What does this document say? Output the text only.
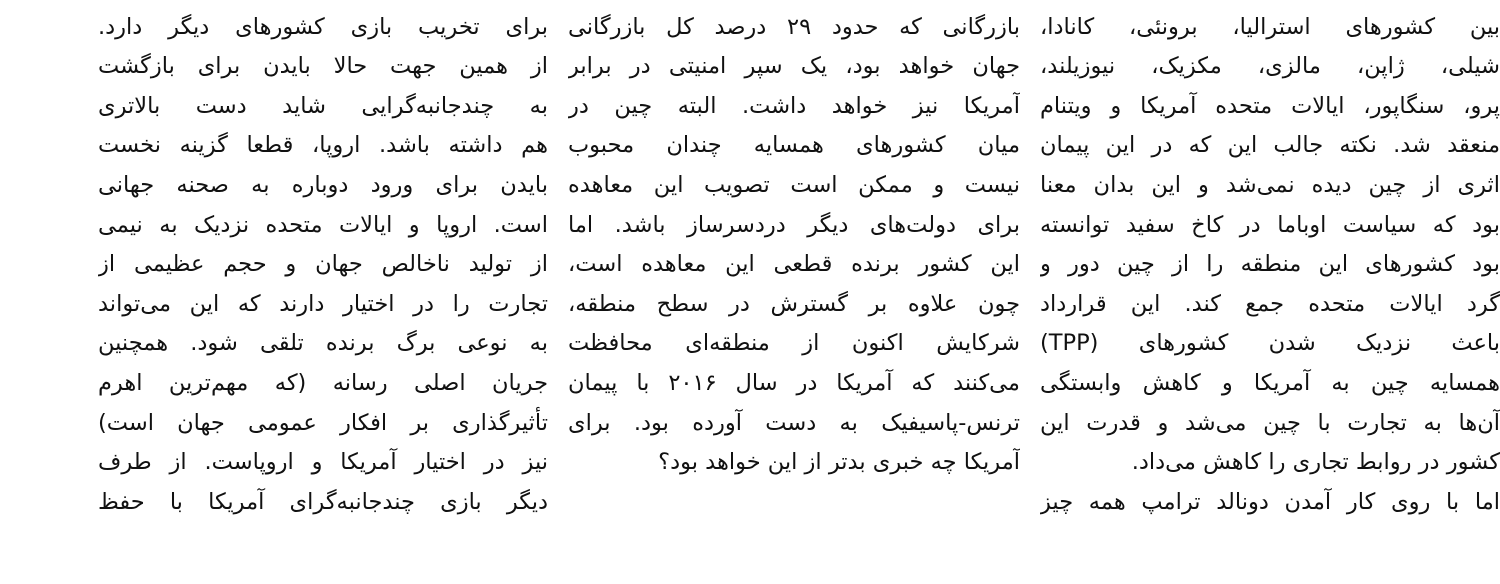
بین کشورهای استرالیا، برونئی، کانادا،
شیلی، ژاپن، مالزی، مکزیک، نیوزیلند،
پرو، سنگاپور، ایالات متحده آمریکا و ویتنام
منعقد شد. نکته جالب این که در این پیمان
اثری از چین دیده نمی‌شد و این بدان معنا
بود که سیاست اوباما در کاخ سفید توانسته
بود کشورهای این منطقه را از چین دور و
گرد ایالات متحده جمع کند. این قرارداد
(TPP) باعث نزدیک شدن کشورهای
همسایه چین به آمریکا و کاهش وابستگی
آن‌ها به تجارت با چین می‌شد و قدرت این
کشور در روابط تجاری را کاهش می‌داد.
اما با روی کار آمدن دونالد ترامپ همه چیز
بازرگانی که حدود ۲۹ درصد کل بازرگانی
جهان خواهد بود، یک سپر امنیتی در برابر
آمریکا نیز خواهد داشت. البته چین در
میان کشورهای همسایه چندان محبوب
نیست و ممکن است تصویب این معاهده
برای دولت‌های دیگر دردسرساز باشد. اما
این کشور برنده قطعی این معاهده است،
چون علاوه بر گسترش در سطح منطقه،
شرکایش اکنون از منطقه‌ای محافظت
می‌کنند که آمریکا در سال ۲۰۱۶ با پیمان
ترنس-پاسیفیک به دست آورده بود. برای
آمریکا چه خبری بدتر از این خواهد بود؟
برای تخریب بازی کشورهای دیگر دارد.
از همین جهت حالا بایدن برای بازگشت
به چندجانبه‌گرایی شاید دست بالاتری
هم داشته باشد. اروپا، قطعا گزینه نخست
بایدن برای ورود دوباره به صحنه جهانی
است. اروپا و ایالات متحده نزدیک به نیمی
از تولید ناخالص جهان و حجم عظیمی از
تجارت را در اختیار دارند که این می‌تواند
به نوعی برگ برنده تلقی شود. همچنین
جریان اصلی رسانه (که مهم‌ترین اهرم
تأثیرگذاری بر افکار عمومی جهان است)
نیز در اختیار آمریکا و اروپاست. از طرف
دیگر بازی چندجانبه‌گرای آمریکا با حفظ
